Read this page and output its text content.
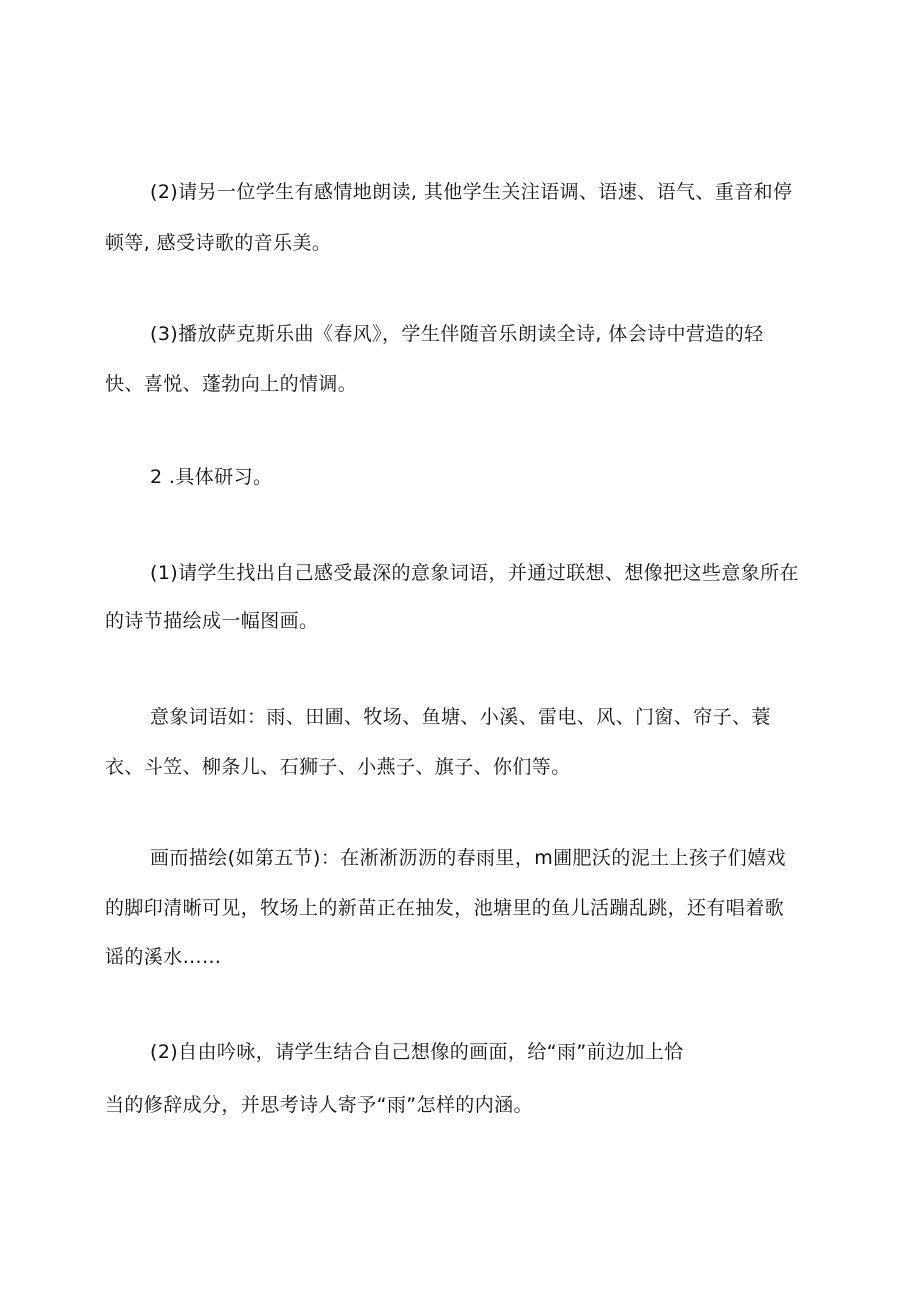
(2)请另一位学生有感情地朗读, 其他学生关注语调、语速、语气、重音和停
顿等, 感受诗歌的音乐美。
(3)播放萨克斯乐曲《春风》，学生伴随音乐朗读全诗, 体会诗中营造的轻
快、喜悦、蓬勃向上的情调。
2 .具体研习。
(1)请学生找出自己感受最深的意象词语，并通过联想、想像把这些意象所在
的诗节描绘成一幅图画。
意象词语如：雨、田圃、牧场、鱼塘、小溪、雷电、风、门窗、帘子、蓑
衣、斗笠、柳条儿、石狮子、小燕子、旗子、你们等。
画而描绘(如第五节)：在淅淅沥沥的春雨里，m圃肥沃的泥土上孩子们嬉戏
的脚印清晰可见，牧场上的新苗正在抽发，池塘里的鱼儿活蹦乱跳，还有唱着歌
谣的溪水……
(2)自由吟咏，请学生结合自己想像的画面，给“雨”前边加上恰
当的修辞成分，并思考诗人寄予“雨”怎样的内涵。
